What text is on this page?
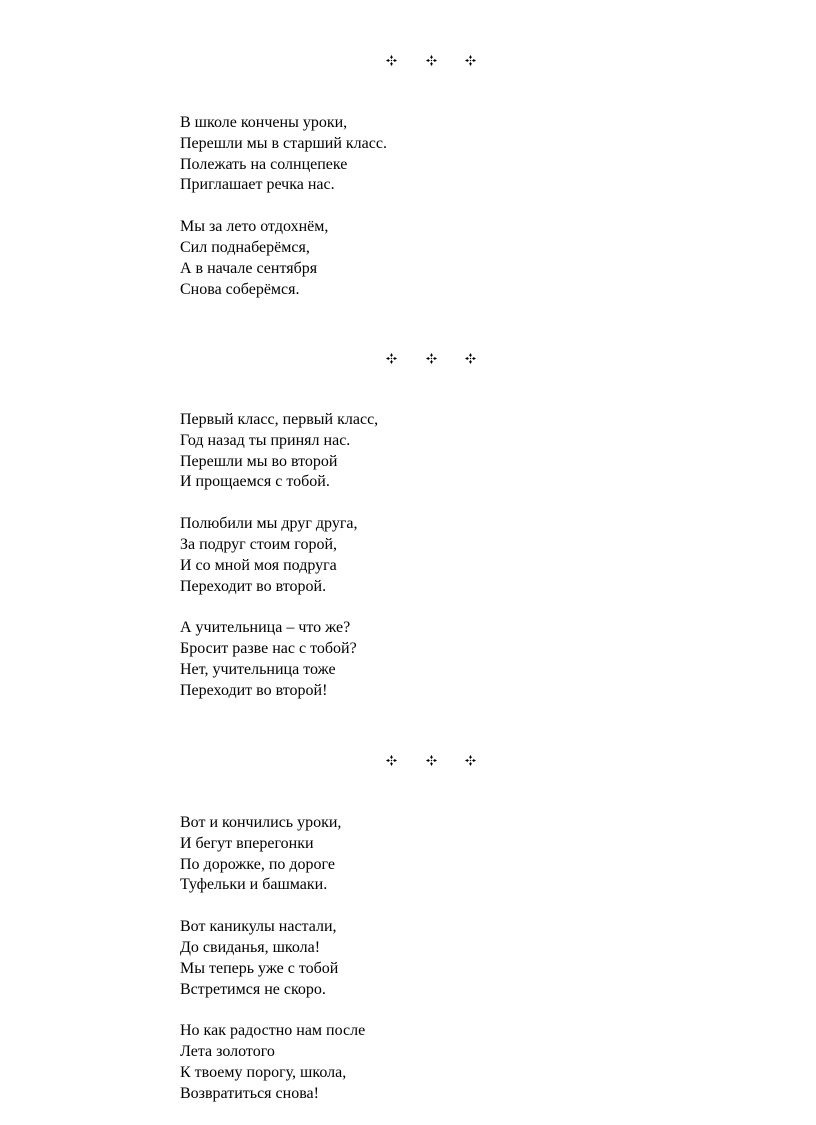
В школе кончены уроки,
Перешли мы в старший класс.
Полежать на солнцепеке
Приглашает речка нас.
Мы за лето отдохнём,
Сил поднаберёмся,
А в начале сентября
Снова соберёмся.
Первый класс, первый класс,
Год назад ты принял нас.
Перешли мы во второй
И прощаемся с тобой.
Полюбили мы друг друга,
За подруг стоим горой,
И со мной моя подруга
Переходит во второй.
А учительница – что же?
Бросит разве нас с тобой?
Нет, учительница тоже
Переходит во второй!
Вот и кончились уроки,
И бегут вперегонки
По дорожке, по дороге
Туфельки и башмаки.
Вот каникулы настали,
До свиданья, школа!
Мы теперь уже с тобой
Встретимся не скоро.
Но как радостно нам после
Лета золотого
К твоему порогу, школа,
Возвратиться снова!
